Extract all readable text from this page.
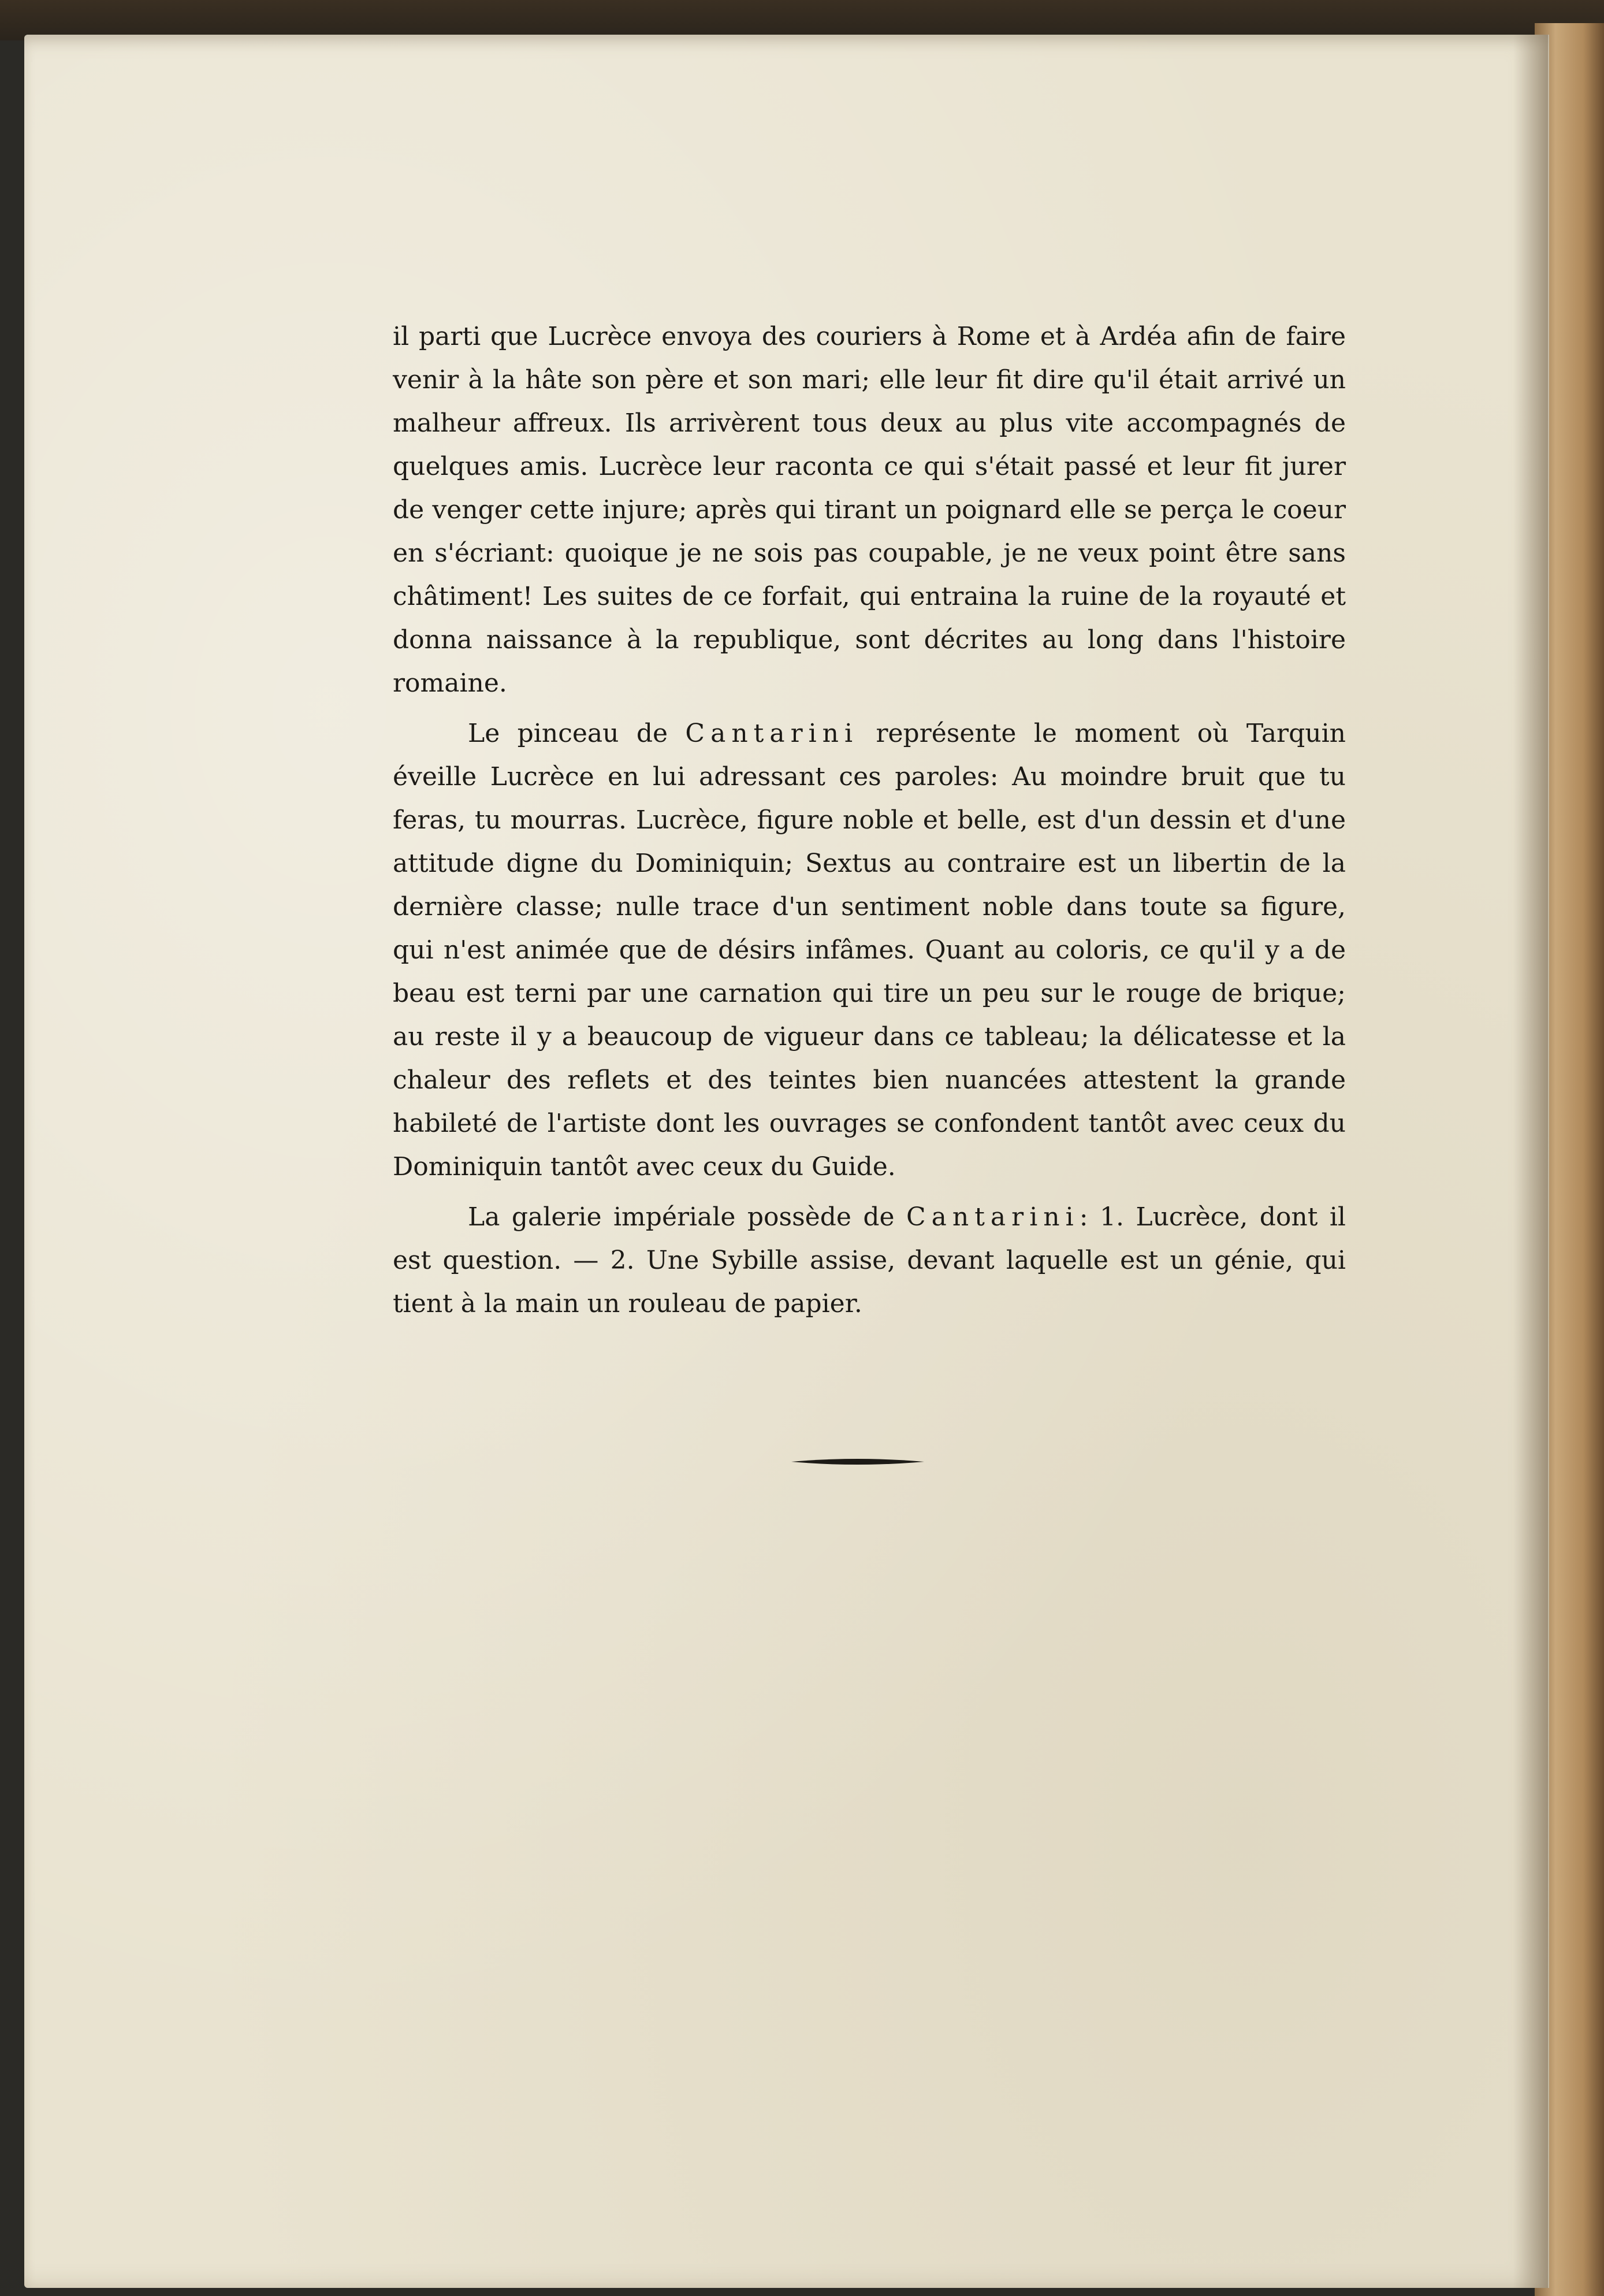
il parti que Lucrèce envoya des couriers à Rome et à Ardéa afin de faire venir à la hâte son père et son mari; elle leur fit dire qu'il était arrivé un malheur affreux. Ils arrivèrent tous deux au plus vite accompagnés de quelques amis. Lucrèce leur raconta ce qui s'était passé et leur fit jurer de venger cette injure; après qui tirant un poignard elle se perça le coeur en s'écriant: quoique je ne sois pas coupable, je ne veux point être sans châtiment! Les suites de ce forfait, qui entraina la ruine de la royauté et donna naissance à la republique, sont décrites au long dans l'histoire romaine.

Le pinceau de Cantarini représente le moment où Tarquin éveille Lucrèce en lui adressant ces paroles: Au moindre bruit que tu feras, tu mourras. Lucrèce, figure noble et belle, est d'un dessin et d'une attitude digne du Dominiquin; Sextus au contraire est un libertin de la dernière classe; nulle trace d'un sentiment noble dans toute sa figure, qui n'est animée que de désirs infâmes. Quant au coloris, ce qu'il y a de beau est terni par une carnation qui tire un peu sur le rouge de brique; au reste il y a beaucoup de vigueur dans ce tableau; la délicatesse et la chaleur des reflets et des teintes bien nuancées attestent la grande habileté de l'artiste dont les ouvrages se confondent tantôt avec ceux du Dominiquin tantôt avec ceux du Guide.

La galerie impériale possède de Cantarini: 1. Lucrèce, dont il est question. — 2. Une Sybille assise, devant laquelle est un génie, qui tient à la main un rouleau de papier.
